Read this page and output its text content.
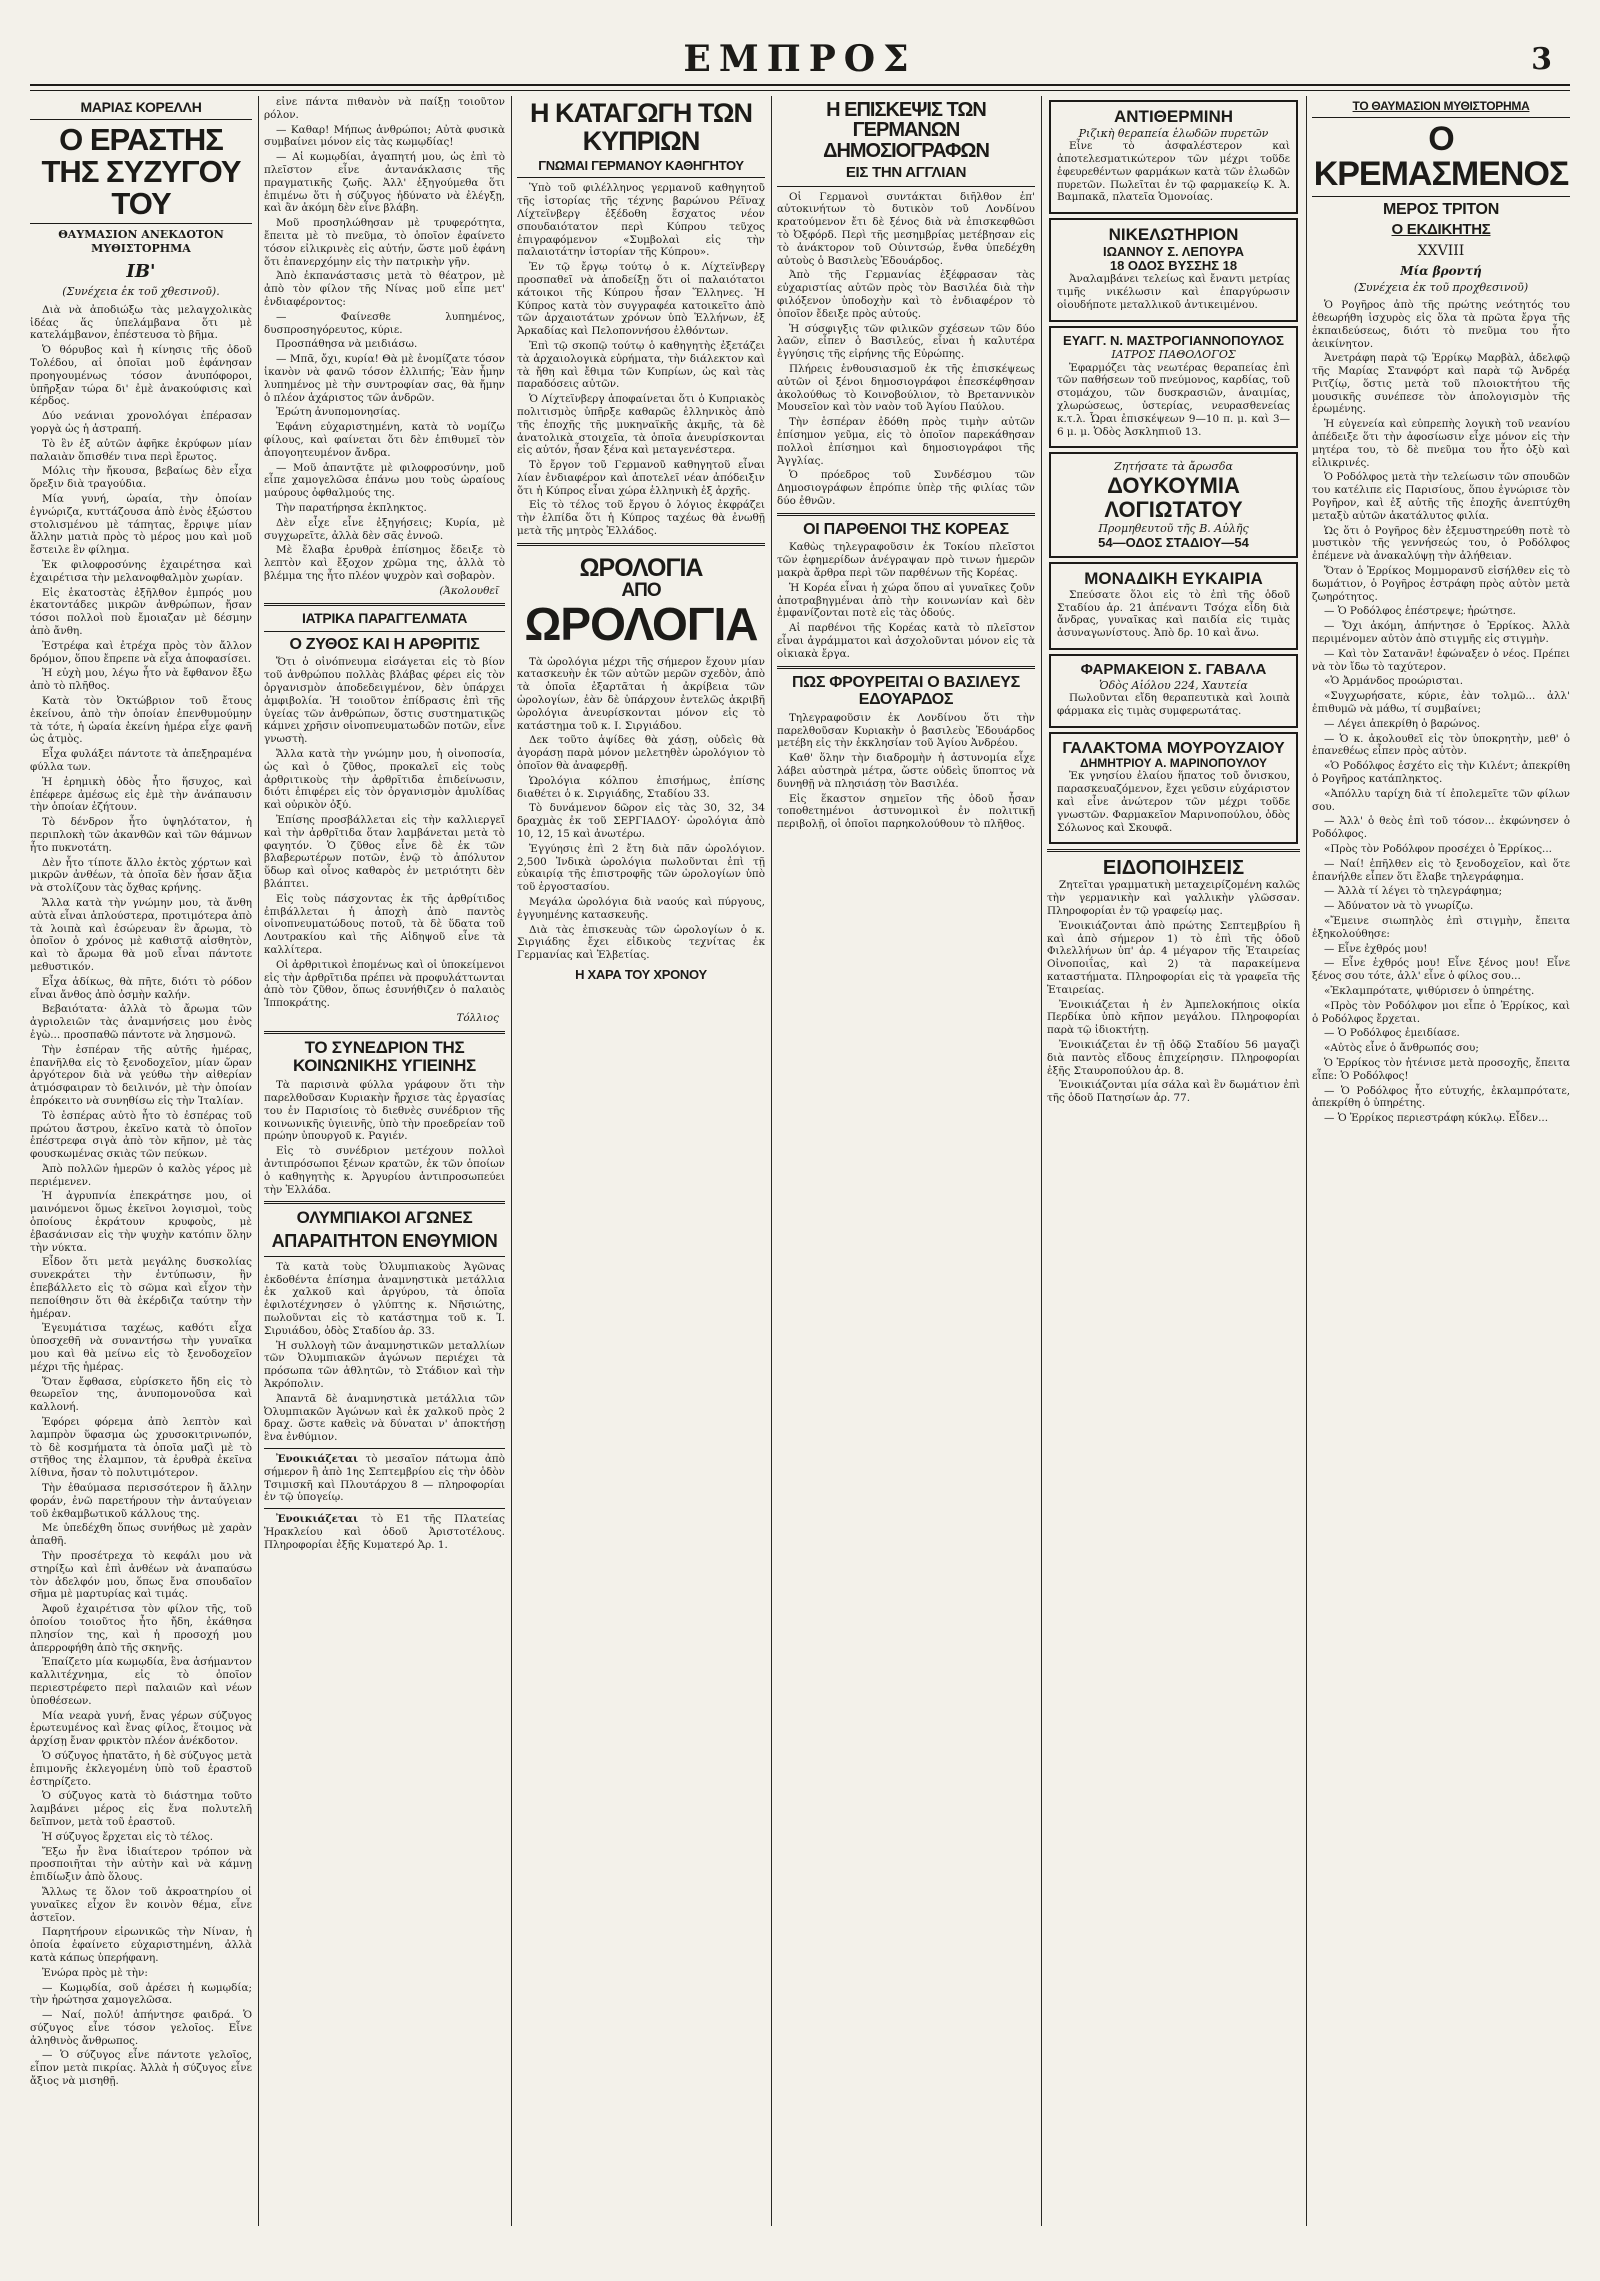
ΕΜΠΡΟΣ	3
ΜΑΡΙΑΣ ΚΟΡΕΛΛΗ
Ο ΕΡΑΣΤΗΣ ΤΗΣ ΣΥΖΥΓΟΥ ΤΟΥ
ΘΑΥΜΑΣΙΟΝ ΑΝΕΚΔΟΤΟΝ ΜΥΘΙΣΤΟΡΗΜΑ
ΙΒ'
(Συνέχεια ἐκ τοῦ χθεσινοῦ).

Διὰ νὰ ἀποδιώξω τὰς μελαγχολικὰς ἰδέας ἅς ὑπελάμβανα ὅτι μὲ κατελάμβανον, ἐπέστευσα τὸ βῆμα.

Ὁ θόρυβος καὶ ἡ κίνησις τῆς ὁδοῦ Τολέδου, αἱ ὁποῖαι μοῦ ἐφάνησαν προηγουμένως τόσον ἀνυπόφοροι, ὑπῆρξαν τώρα δι' ἐμὲ ἀνακούφισις καὶ κέρδος.

Δύο νεάνιαι χρονολόγαι ἐπέρασαν γοργὰ ὡς ἡ ἀστραπή.

Τὸ ἓν ἐξ αὐτῶν ἀφῆκε ἐκρύφων μίαν παλαιὰν ὅπισθέν τινα περὶ ἔρωτος.

Μόλις τὴν ἤκουσα, βεβαίως δὲν εἶχα ὅρεξιν διὰ τραγούδια.

Μία γυνή, ὡραία, τὴν ὁποίαν ἐγνώριζα, κυττάζουσα ἀπὸ ἑνὸς ἐξώστου στολισμένου μὲ τάπητας, ἔρριψε μίαν ἄλλην ματιὰ πρὸς τὸ μέρος μου καὶ μοῦ ἔστειλε ἓν φίλημα.

Ἐκ φιλοφροσύνης ἐχαιρέτησα καὶ ἐχαιρέτισα τὴν μελανοφθαλμὸν χωρίαν.

Εἰς ἑκατοστὰς ἐξῆλθον ἐμπρός μου ἑκατοντάδες μικρῶν ἀνθρώπων, ἤσαν τόσοι πολλοὶ ποὺ ἔμοιαζαν μὲ δέσμην ἀπὸ ἄνθη.

Ἐστρέφα καὶ ἐτρέχα πρὸς τὸν ἄλλον δρόμον, ὅπου ἔπρεπε νὰ εἶχα ἀποφασίσει.

Ἡ εὐχὴ μου, λέγω ἦτο νὰ ἔφθανον ἔξω ἀπὸ τὸ πλῆθος.

Κατὰ τὸν Ὀκτώβριον τοῦ ἔτους ἐκείνου, ἀπὸ τὴν ὁποίαν ἐπενθυμούμην τὰ τότε, ἡ ὡραία ἐκείνη ἡμέρα εἶχε φανῆ ὡς ἀτμὸς.

Εἶχα φυλάξει πάντοτε τὰ ἀπεξηραμένα φύλλα των.

Ἡ ἐρημικὴ ὁδὸς ἦτο ἥσυχος, καὶ ἐπέφερε ἀμέσως εἰς ἐμὲ τὴν ἀνάπαυσιν τὴν ὁποίαν ἐζήτουν.

Τὸ δένδρον ἦτο ὑψηλότατον, ἡ περιπλοκὴ τῶν ἀκανθῶν καὶ τῶν θάμνων ἦτο πυκνοτάτη.

Δὲν ἦτο τίποτε ἄλλο ἐκτὸς χόρτων καὶ μικρῶν ἀνθέων, τὰ ὁποῖα δὲν ἦσαν ἄξια νὰ στολίζουν τὰς ὄχθας κρήνης.

Ἄλλα κατὰ τὴν γνώμην μου, τὰ ἄνθη αὐτὰ εἶναι ἁπλούστερα, προτιμότερα ἀπὸ τὰ λοιπὰ καὶ ἐσώρευαν ἓν ἄρωμα, τὸ ὁποῖον ὁ χρόνος μὲ καθιστᾷ αἰσθητὸν, καὶ τὸ ἄρωμα θὰ μοῦ εἶναι πάντοτε μεθυστικόν.

Εἶχα ἀδίκως, θὰ πῆτε, διότι τὸ ρόδον εἶναι ἄνθος ἀπὸ ὀσμὴν καλήν.

Βεβαιότατα· ἀλλὰ τὸ ἄρωμα τῶν ἀγριολειῶν τὰς ἀναμνήσεις μου ἐνὸς ἐγὼ... προσπαθῶ πάντοτε νὰ λησμονῶ.

Τὴν ἐσπέραν τῆς αὐτῆς ἡμέρας, ἐπανῆλθα εἰς τὸ ξενοδοχεῖον, μίαν ὥραν ἀργότερον διὰ νὰ γεύθω τὴν αἰθερίαν ἀτμόσφαιραν τὸ δειλινόν, μὲ τὴν ὁποίαν ἐπρόκειτο νὰ συνηθίσω εἰς τὴν Ἰταλίαν.

Τὸ ἑσπέρας αὐτὸ ἦτο τὸ ἐσπέρας τοῦ πρώτου ἄστρου, ἐκεῖνο κατὰ τὸ ὁποῖον ἐπέστρεφα σιγὰ ἀπὸ τὸν κῆπον, μὲ τὰς φουσκωμένας σκιὰς τῶν πεύκων.

Ἀπὸ πολλῶν ἡμερῶν ὁ καλὸς γέρος μὲ περιέμενεν.

Ἡ ἀγρυπνία ἐπεκράτησε μου, οἱ μαινόμενοι ὅμως ἐκεῖνοι λογισμοὶ, τοὺς ὁποίους ἐκράτουν κρυφοὺς, μὲ ἐβασάνισαν εἰς τὴν ψυχὴν κατόπιν ὅλην τὴν νύκτα.

Εἶδον ὅτι μετὰ μεγάλης δυσκολίας συνεκράτει τὴν ἐντύπωσιν, ἢν ἐπεβάλλετο εἰς τὸ σῶμα καὶ εἶχον τὴν πεποίθησιν ὅτι θὰ ἐκέρδιζα ταύτην τὴν ἡμέραν.

Ἐγευμάτισα ταχέως, καθότι εἶχα ὑποσχεθῆ νὰ συναντήσω τὴν γυναῖκα μου καὶ θὰ μείνω εἰς τὸ ξενοδοχεῖον μέχρι τῆς ἡμέρας.

Ὅταν ἔφθασα, εὑρίσκετο ἤδη εἰς τὸ θεωρεῖον της, ἀνυπομονοῦσα καὶ καλλονή.

Ἐφόρει φόρεμα ἀπὸ λεπτὸν καὶ λαμπρὸν ὕφασμα ὡς χρυσοκιτρινωπόν, τὸ δὲ κοσμήματα τὰ ὁποῖα μαζὶ μὲ τὸ στῆθος της ἐλαμπον, τὰ ἐρυθρὰ ἐκεῖνα λίθινα, ἤσαν τὸ πολυτιμότερον.

Τὴν ἐθαύμασα περισσότερον ἢ ἄλλην φοράν, ἐνῶ παρετήρουν τὴν ἀνταύγειαν τοῦ ἐκθαμβωτικοῦ κάλλους της.

Με ὑπεδέχθη ὅπως συνήθως μὲ χαρὰν ἀπαθῆ.

Τὴν προσέτρεχα τὸ κεφάλι μου νὰ στηρίξω καὶ ἐπὶ ἀνθέων νὰ ἀναπαύσω τὸν ἀδελφόν μου, ὅπως ἔνα σπουδαῖον σῆμα μὲ μαρτυρίας καὶ τιμάς.

Ἀφοῦ ἐχαιρέτισα τὸν φίλον τῆς, τοῦ ὁποίου τοιοῦτος ἦτο ἤδη, ἐκάθησα πλησίον της, καὶ ἡ προσοχή μου ἀπερροφήθη ἀπὸ τῆς σκηνῆς.

Ἐπαίζετο μία κωμῳδία, ἓνα ἀσήμαντον καλλιτέχνημα, εἰς τὸ ὁποῖον περιεστρέφετο περὶ παλαιῶν καὶ νέων ὑποθέσεων.

Μία νεαρὰ γυνή, ἔνας γέρων σύζυγος ἐρωτευμένος καὶ ἔνας φίλος, ἕτοιμος νὰ ἀρχίσῃ ἔναν φρικτὸν πλέον ἀνέκδοτον.

Ὁ σύζυγος ἠπατᾶτο, ἡ δὲ σύζυγος μετὰ ἐπιμονῆς ἐκλεγομένη ὑπὸ τοῦ ἐραστοῦ ἐστηρίζετο.

Ὁ σύζυγος κατὰ τὸ διάστημα τοῦτο λαμβάνει μέρος εἰς ἕνα πολυτελῆ δεῖπνον, μετὰ τοῦ ἐραστοῦ.

Ἡ σύζυγος ἔρχεται εἰς τὸ τέλος.

Ἔξω ἦν ἓνα ἰδιαίτερον τρόπον νὰ προσποιῆται τὴν αὐτὴν καὶ νὰ κάμνῃ ἐπιδίωξιν ἀπὸ ὅλους.

Ἄλλως τε ὅλον τοῦ ἀκροατηρίου οἱ γυναῖκες εἶχον ἓν κοινὸν θέμα, εἶνε ἀστεῖον.

Παρητήρουν εἰρωνικῶς τὴν Νίναν, ἡ ὁποία ἐφαίνετο εὐχαριστημένη, ἀλλὰ κατὰ κάπως ὑπερήφανη.

Ἐνώρα πρὸς μὲ τὴν:

— Κωμῳδία, σοῦ ἀρέσει ἡ κωμῳδία; τὴν ἠρώτησα χαμογελῶσα.

— Ναί, πολύ! ἀπήντησε φαιδρά. Ὁ σύζυγος εἶνε τόσον γελοῖος. Εἶνε ἀληθινὸς ἄνθρωπος.

— Ὁ σύζυγος εἶνε πάντοτε γελοῖος, εἶπον μετὰ πικρίας. Ἀλλὰ ἡ σύζυγος εἶνε ἄξιος νὰ μισηθῇ.

εἶνε πάντα πιθανὸν νὰ παίξῃ τοιοῦτον ρόλον.

— Καθαρ! Μήπως ἀνθρώποι; Αὐτὰ φυσικὰ συμβαίνει μόνον εἰς τὰς κωμῳδίας!

— Αἱ κωμῳδίαι, ἀγαπητή μου, ὡς ἐπὶ τὸ πλεῖστον εἶνε ἀντανάκλασις τῆς πραγματικῆς ζωῆς. Ἀλλ' ἐξηγούμεθα ὅτι ἐπιμένω ὅτι ἡ σύζυγος ἠδύνατο νὰ ἐλέγξῃ, καὶ ἂν ἀκόμη δὲν εἶνε βλάβη.

Μοῦ προσηλώθησαν μὲ τρυφερότητα, ἔπειτα μὲ τὸ πνεῦμα, τὸ ὁποῖον ἐφαίνετο τόσον εἰλικρινὲς εἰς αὐτήν, ὥστε μοῦ ἐφάνη ὅτι ἐπανερχόμην εἰς τὴν πατρικὴν γῆν.

Ἀπὸ ἐκπανάστασις μετὰ τὸ θέατρον, μὲ ἀπὸ τὸν φίλον τῆς Νίνας μοῦ εἶπε μετ' ἐνδιαφέροντος:

— Φαίνεσθε λυπημένος, δυσπροσηγόρευτος, κύριε.

Προσπάθησα νὰ μειδιάσω.

— Μπᾶ, ὄχι, κυρία! Θὰ μὲ ἐνομίζατε τόσον ἱκανὸν νὰ φανῶ τόσον ἐλλιπής; Ἐὰν ἦμην λυπημένος μὲ τὴν συντροφίαν σας, θὰ ἤμην ὁ πλέον ἀχάριστος τῶν ἀνδρῶν.

Ἐρώτη ἀνυπομονησίας.

Ἐφάνη εὐχαριστημένη, κατὰ τὸ νομίζω φίλους, καὶ φαίνεται ὅτι δὲν ἐπιθυμεῖ τὸν ἀπογοητευμένον ἄνδρα.

— Μοῦ ἀπαντᾷτε μὲ φιλοφροσύνην, μοῦ εἶπε χαμογελῶσα ἐπάνω μου τοὺς ὡραίους μαύρους ὀφθαλμούς της.

Τὴν παρατήρησα ἐκπληκτος.

Δὲν εἶχε εἶνε ἐξηγήσεις; Κυρία, μὲ συγχωρεῖτε, ἀλλὰ δὲν σᾶς ἐννοῶ.

Μὲ ἔλαβα ἐρυθρὰ ἐπίσημος ἔδειξε τὸ λεπτὸν καὶ ἔξοχον χρῶμα της, ἀλλὰ τὸ βλέμμα της ἦτο πλέον ψυχρὸν καὶ σοβαρὸν.

(Ἀκολουθεῖ
ΙΑΤΡΙΚΑ ΠΑΡΑΓΓΕΛΜΑΤΑ
Ο ΖΥΘΟΣ ΚΑΙ Η ΑΡΘΡΙΤΙΣ

Ὅτι ὁ οἰνόπνευμα εἰσάγεται εἰς τὸ βίον τοῦ ἀνθρώπου πολλὰς βλάβας φέρει εἰς τὸν ὀργανισμὸν ἀποδεδειγμένον, δὲν ὑπάρχει ἀμφιβολία. Ἡ τοιοῦτον ἐπίδρασις ἐπὶ τῆς ὑγείας τῶν ἀνθρώπων, ὅστις συστηματικῶς κάμνει χρῆσιν οἰνοπνευματωδῶν ποτῶν, εἶνε γνωστὴ.

Ἄλλα κατὰ τὴν γνώμην μου, ἡ οἰνοποσία, ὡς καὶ ὁ ζῦθος, προκαλεῖ εἰς τοὺς ἀρθριτικοὺς τὴν ἀρθρῖτιδα ἐπιδείνωσιν, διότι ἐπιφέρει εἰς τὸν ὀργανισμὸν ἀμυλίδας καὶ οὐρικὸν ὀξύ.

Ἐπίσης προσβάλλεται εἰς τὴν καλλιεργεῖ καὶ τὴν ἀρθρῖτιδα ὅταν λαμβάνεται μετὰ τὸ φαγητόν. Ὁ ζῦθος εἶνε δὲ ἐκ τῶν βλαβερωτέρων ποτῶν, ἐνῷ τὸ ἀπόλυτον ὕδωρ καὶ οἶνος καθαρὸς ἐν μετριότητι δὲν βλάπτει.

Εἰς τοὺς πάσχοντας ἐκ τῆς ἀρθρίτιδος ἐπιβάλλεται ἡ ἀποχὴ ἀπὸ παντὸς οἰνοπνευματώδους ποτοῦ, τὰ δὲ ὕδατα τοῦ Λουτρακίου καὶ τῆς Αἰδηψοῦ εἶνε τὰ καλλίτερα.

Οἱ ἀρθριτικοὶ ἐπομένως καὶ οἱ ὑποκείμενοι εἰς τὴν ἀρθρῖτιδα πρέπει νὰ προφυλάττωνται ἀπὸ τὸν ζῦθον, ὅπως ἐσυνήθιζεν ὁ παλαιὸς Ἱπποκράτης.

Τόλλιος
ΤΟ ΣΥΝΕΔΡΙΟΝ ΤΗΣ ΚΟΙΝΩΝΙΚΗΣ ΥΓΙΕΙΝΗΣ

Τὰ παρισινὰ φύλλα γράφουν ὅτι τὴν παρελθοῦσαν Κυριακὴν ἤρχισε τὰς ἐργασίας του ἐν Παρισίοις τὸ διεθνὲς συνέδριον τῆς κοινωνικῆς ὑγιεινῆς, ὑπὸ τὴν προεδρείαν τοῦ πρώην ὑπουργοῦ κ. Ραγιέν.

Εἰς τὸ συνέδριον μετέχουν πολλοὶ ἀντιπρόσωποι ξένων κρατῶν, ἐκ τῶν ὁποίων ὁ καθηγητὴς κ. Ἀργυρίου ἀντιπροσωπεύει τὴν Ἑλλάδα.

ΟΛΥΜΠΙΑΚΟΙ ΑΓΩΝΕΣ
ΑΠΑΡΑΙΤΗΤΟΝ ΕΝΘΥΜΙΟΝ

Τὰ κατὰ τοὺς Ὀλυμπιακοὺς Ἀγῶνας ἐκδοθέντα ἐπίσημα ἀναμνηστικὰ μετάλλια ἐκ χαλκοῦ καὶ ἀργύρου, τὰ ὁποῖα ἐφιλοτέχνησεν ὁ γλύπτης κ. Νῆσιώτης, πωλοῦνται εἰς τὸ κατάστημα τοῦ κ. Ἰ. Σιρυιάδου, ὁδὸς Σταδίου ἀρ. 33.

Ἡ συλλογὴ τῶν ἀναμνηστικῶν μεταλλίων τῶν Ὀλυμπιακῶν ἀγώνων περιέχει τὰ πρόσωπα τῶν ἀθλητῶν, τὸ Στάδιον καὶ τὴν Ἀκρόπολιν.

Ἀπαντᾶ δὲ ἀναμνηστικὰ μετάλλια τῶν Ὀλυμπιακῶν Ἀγώνων καὶ ἐκ χαλκοῦ πρὸς 2 δραχ. ὥστε καθεὶς νὰ δύναται ν' ἀποκτήσῃ ἓνα ἐνθύμιον.

Ἐνοικιάζεται τὸ μεσαῖον πάτωμα ἀπὸ σήμερον ἢ ἀπὸ 1ης Σεπτεμβρίου εἰς τὴν ὁδὸν Τσιμισκῆ καὶ Πλουτάρχου 8 — πληροφορίαι ἐν τῷ ὑπογείῳ.

Ἐνοικιάζεται τὸ Ε1 τῆς Πλατείας Ἡρακλείου καὶ ὁδοῦ Ἀριστοτέλους. Πληροφορίαι ἐξῆς Κυματερό Ἀρ. 1.

Η ΚΑΤΑΓΩΓΗ ΤΩΝ ΚΥΠΡΙΩΝ
ΓΝΩΜΑΙ ΓΕΡΜΑΝΟΥ ΚΑΘΗΓΗΤΟΥ

Ὑπὸ τοῦ φιλέλληνος γερμανοῦ καθηγητοῦ τῆς ἱστορίας τῆς τέχνης βαρώνου Ρέϊναχ Λίχτεϊνβεργ ἐξέδοθη ἔσχατος νέον σπουδαιότατον περὶ Κύπρου τεῦχος ἐπιγραφόμενον «Συμβολαὶ εἰς τὴν παλαιοτάτην ἱστορίαν τῆς Κύπρου».

Ἐν τῷ ἔργῳ τούτῳ ὁ κ. Λίχτεϊνβεργ προσπαθεῖ νὰ ἀποδείξῃ ὅτι οἱ παλαιότατοι κάτοικοι τῆς Κύπρου ἦσαν Ἕλληνες. Ἡ Κύπρος κατὰ τὸν συγγραφέα κατοικεῖτο ἀπὸ τῶν ἀρχαιοτάτων χρόνων ὑπὸ Ἑλλήνων, ἐξ Ἀρκαδίας καὶ Πελοποννήσου ἐλθόντων.

Ἐπὶ τῷ σκοπῷ τούτῳ ὁ καθηγητὴς ἐξετάζει τὰ ἀρχαιολογικὰ εὑρήματα, τὴν διάλεκτον καὶ τὰ ἤθη καὶ ἔθιμα τῶν Κυπρίων, ὡς καὶ τὰς παραδόσεις αὐτῶν.

Ὁ Λίχτεϊνβεργ ἀποφαίνεται ὅτι ὁ Κυπριακὸς πολιτισμὸς ὑπῆρξε καθαρῶς ἑλληνικὸς ἀπὸ τῆς ἐποχῆς τῆς μυκηναϊκῆς ἀκμῆς, τὰ δὲ ἀνατολικὰ στοιχεῖα, τὰ ὁποῖα ἀνευρίσκονται εἰς αὐτόν, ἦσαν ξένα καὶ μεταγενέστερα.

Τὸ ἔργον τοῦ Γερμανοῦ καθηγητοῦ εἶναι λίαν ἐνδιαφέρον καὶ ἀποτελεῖ νέαν ἀπόδειξιν ὅτι ἡ Κύπρος εἶναι χώρα ἑλληνικὴ ἐξ ἀρχῆς.

Εἰς τὸ τέλος τοῦ ἔργου ὁ λόγιος ἐκφράζει τὴν ἐλπίδα ὅτι ἡ Κύπρος ταχέως θὰ ἐνωθῇ μετὰ τῆς μητρὸς Ἑλλάδος.

ΩΡΟΛΟΓΙΑ
ΑΠΟ
ΩΡΟΛΟΓΙΑ

Τὰ ὡρολόγια μέχρι τῆς σήμερον ἔχουν μίαν κατασκευὴν ἐκ τῶν αὐτῶν μερῶν σχεδὸν, ἀπὸ τὰ ὁποῖα ἐξαρτᾶται ἡ ἀκρίβεια τῶν ὡρολογίων, ἐὰν δὲ ὑπάρχουν ἐντελῶς ἀκριβῆ ὡρολόγια ἀνευρίσκονται μόνον εἰς τὸ κατάστημα τοῦ κ. Ι. Σιργιάδου.

Δεκ τοῦτο ἀψίδες θὰ χάσῃ, οὐδεὶς θὰ ἀγοράσῃ παρὰ μόνον μελετηθὲν ὡρολόγιον τὸ ὁποῖον θὰ ἀναφερθῇ.

Ὡρολόγια κόλπου ἐπισήμως, ἐπίσης διαθέτει ὁ κ. Σιργιάδης, Σταδίου 33.

Τὸ δυνάμενον δῶρον εἰς τὰς 30, 32, 34 δραχμὰς ἐκ τοῦ ΣΕΡΓΙΑΔΟΥ· ὡρολόγια ἀπὸ 10, 12, 15 καὶ ἀνωτέρω.

Ἐγγύησις ἐπὶ 2 ἔτη διὰ πᾶν ὡρολόγιον. 2,500 Ἰνδικὰ ὡρολόγια πωλοῦνται ἐπὶ τῇ εὐκαιρίᾳ τῆς ἐπιστροφῆς τῶν ὡρολογίων ὑπὸ τοῦ ἐργοστασίου.

Μεγάλα ὡρολόγια διὰ ναούς καὶ πύργους, ἐγγυημένης κατασκευῆς.

Διὰ τὰς ἐπισκευὰς τῶν ὡρολογίων ὁ κ. Σιργιάδης ἔχει εἰδικοὺς τεχνίτας ἐκ Γερμανίας καὶ Ἑλβετίας.

Η ΧΑΡΑ ΤΟΥ ΧΡΟΝΟΥ
Η ΕΠΙΣΚΕΨΙΣ ΤΩΝ ΓΕΡΜΑΝΩΝ ΔΗΜΟΣΙΟΓΡΑΦΩΝ
ΕΙΣ ΤΗΝ ΑΓΓΛΙΑΝ

Οἱ Γερμανοὶ συντάκται διῆλθον ἐπ' αὐτοκινήτων τὸ δυτικὸν τοῦ Λονδίνου κρατούμενον ἔτι δὲ ξένος διὰ νὰ ἐπισκεφθῶσι τὸ Ὀξφόρδ. Περὶ τῆς μεσημβρίας μετέβησαν εἰς τὸ ἀνάκτορον τοῦ Οὐιντσώρ, ἔνθα ὑπεδέχθη αὐτοὺς ὁ Βασιλεὺς Ἐδουάρδος.

Ἀπὸ τῆς Γερμανίας ἐξέφρασαν τὰς εὐχαριστίας αὐτῶν πρὸς τὸν Βασιλέα διὰ τὴν φιλόξενον ὑποδοχὴν καὶ τὸ ἐνδιαφέρον τὸ ὁποῖον ἔδειξε πρὸς αὐτούς.

Ἡ σύσφιγξις τῶν φιλικῶν σχέσεων τῶν δύο λαῶν, εἶπεν ὁ Βασιλεύς, εἶναι ἡ καλυτέρα ἐγγύησις τῆς εἰρήνης τῆς Εὐρώπης.

Πλήρεις ἐνθουσιασμοῦ ἐκ τῆς ἐπισκέψεως αὐτῶν οἱ ξένοι δημοσιογράφοι ἐπεσκέφθησαν ἀκολούθως τὸ Κοινοβούλιον, τὸ Βρεταννικὸν Μουσεῖον καὶ τὸν ναὸν τοῦ Ἁγίου Παύλου.

Τὴν ἑσπέραν ἐδόθη πρὸς τιμὴν αὐτῶν ἐπίσημον γεῦμα, εἰς τὸ ὁποῖον παρεκάθησαν πολλοὶ ἐπίσημοι καὶ δημοσιογράφοι τῆς Ἀγγλίας.

Ὁ πρόεδρος τοῦ Συνδέσμου τῶν Δημοσιογράφων ἐπρόπιε ὑπὲρ τῆς φιλίας τῶν δύο ἐθνῶν.

ΟΙ ΠΑΡΘΕΝΟΙ ΤΗΣ ΚΟΡΕΑΣ

Καθὼς τηλεγραφοῦσιν ἐκ Τοκίου πλεῖστοι τῶν ἐφημερίδων ἀνέγραψαν πρὸ τινων ἡμερῶν μακρὰ ἄρθρα περὶ τῶν παρθένων τῆς Κορέας.

Ἡ Κορέα εἶναι ἡ χώρα ὅπου αἱ γυναῖκες ζοῦν ἀποτραβηγμέναι ἀπὸ τὴν κοινωνίαν καὶ δὲν ἐμφανίζονται ποτὲ εἰς τὰς ὁδούς.

Αἱ παρθένοι τῆς Κορέας κατὰ τὸ πλεῖστον εἶναι ἀγράμματοι καὶ ἀσχολοῦνται μόνον εἰς τὰ οἰκιακὰ ἔργα.

ΠΩΣ ΦΡΟΥΡΕΙΤΑΙ Ο ΒΑΣΙΛΕΥΣ ΕΔΟΥΑΡΔΟΣ

Τηλεγραφοῦσιν ἐκ Λονδίνου ὅτι τὴν παρελθοῦσαν Κυριακὴν ὁ βασιλεὺς Ἐδουάρδος μετέβη εἰς τὴν ἐκκλησίαν τοῦ Ἁγίου Ἀνδρέου.

Καθ' ὅλην τὴν διαδρομὴν ἡ ἀστυνομία εἶχε λάβει αὐστηρὰ μέτρα, ὥστε οὐδεὶς ὕποπτος νὰ δυνηθῇ νὰ πλησιάσῃ τὸν Βασιλέα.

Εἰς ἕκαστον σημεῖον τῆς ὁδοῦ ἦσαν τοποθετημένοι ἀστυνομικοὶ ἐν πολιτικῇ περιβολῇ, οἱ ὁποῖοι παρηκολούθουν τὸ πλῆθος.

ΑΝΤΙΘΕΡΜΙΝΗ
Ριζικὴ θεραπεία ἑλωδῶν πυρετῶν

Εἶνε τὸ ἀσφαλέστερον καὶ ἀποτελεσματικώτερον τῶν μέχρι τοῦδε ἐφευρεθέντων φαρμάκων κατὰ τῶν ἑλωδῶν πυρετῶν. Πωλεῖται ἐν τῷ φαρμακείῳ Κ. Ἀ. Βαμπακᾶ, πλατεῖα Ὁμονοίας.

ΝΙΚΕΛΩΤΗΡΙΟΝ
ΙΩΑΝΝΟΥ Σ. ΛΕΠΟΥΡΑ
18 ΟΔΟΣ ΒΥΣΣΗΣ 18

Ἀναλαμβάνει τελείως καὶ ἔναντι μετρίας τιμῆς νικέλωσιν καὶ ἐπαργύρωσιν οἱουδήποτε μεταλλικοῦ ἀντικειμένου.

ΕΥΑΓΓ. Ν. ΜΑΣΤΡΟΓΙΑΝΝΟΠΟΥΛΟΣ
ΙΑΤΡΟΣ ΠΑΘΟΛΟΓΟΣ

Ἐφαρμόζει τὰς νεωτέρας θεραπείας ἐπὶ τῶν παθήσεων τοῦ πνεύμονος, καρδίας, τοῦ στομάχου, τῶν δυσκρασιῶν, ἀναιμίας, χλωρώσεως, ὑστερίας, νευρασθενείας κ.τ.λ. Ὧραι ἐπισκέψεων 9—10 π. μ. καὶ 3—6 μ. μ. Ὁδὸς Ἀσκληπιοῦ 13.

Ζητήσατε τὰ ἄρωσδα
ΔΟΥΚΟΥΜΙΑ ΛΟΓΙΩΤΑΤΟΥ
Προμηθευτοῦ τῆς Β. Αὐλῆς
54—ΟΔΟΣ ΣΤΑΔΙΟΥ—54
ΜΟΝΑΔΙΚΗ ΕΥΚΑΙΡΙΑ

Σπεύσατε ὅλοι εἰς τὸ ἐπὶ τῆς ὁδοῦ Σταδίου ἀρ. 21 ἀπέναντι Τσόχα εἶδη διὰ ἄνδρας, γυναῖκας καὶ παιδία εἰς τιμὰς ἀσυναγωνίστους. Ἀπὸ δρ. 10 καὶ ἄνω.

ΦΑΡΜΑΚΕΙΟΝ Σ. ΓΑΒΑΛΑ
Ὁδὸς Αἰόλου 224, Χαυτεία

Πωλοῦνται εἴδη θεραπευτικὰ καὶ λοιπὰ φάρμακα εἰς τιμὰς συμφερωτάτας.

ΓΑΛΑΚΤΟΜΑ ΜΟΥΡΟΥΖΑΙΟΥ
ΔΗΜΗΤΡΙΟΥ Α. ΜΑΡΙΝΟΠΟΥΛΟΥ

Ἐκ γνησίου ἐλαίου ἥπατος τοῦ ὄνισκου, παρασκευαζόμενον, ἔχει γεῦσιν εὐχάριστον καὶ εἶνε ἀνώτερον τῶν μέχρι τοῦδε γνωστῶν. Φαρμακεῖον Μαρινοπούλου, ὁδὸς Σόλωνος καὶ Σκουφᾶ.

ΕΙΔΟΠΟΙΗΣΕΙΣ

Ζητεῖται γραμματικὴ μεταχειρίζομένη καλῶς τὴν γερμανικὴν καὶ γαλλικὴν γλῶσσαν. Πληροφορίαι ἐν τῷ γραφείῳ μας.

Ἐνοικιάζονται ἀπὸ πρώτης Σεπτεμβρίου ἢ καὶ ἀπὸ σήμερον 1) τὸ ἐπὶ τῆς ὁδοῦ Φιλελλήνων ὑπ' ἀρ. 4 μέγαρον τῆς Ἑταιρείας Οἰνοποιΐας, καὶ 2) τὰ παρακείμενα καταστήματα. Πληροφορίαι εἰς τὰ γραφεῖα τῆς Ἑταιρείας.

Ἐνοικιάζεται ἡ ἐν Ἀμπελοκήποις οἰκία Περδίκα ὑπὸ κῆπον μεγάλου. Πληροφορίαι παρὰ τῷ ἰδιοκτήτῃ.

Ἐνοικιάζεται ἐν τῇ ὁδῷ Σταδίου 56 μαγαζὶ διὰ παντὸς εἴδους ἐπιχείρησιν. Πληροφορίαι ἐξῆς Σταυροπούλου ἀρ. 8.

Ἐνοικιάζονται μία σάλα καὶ ἓν δωμάτιον ἐπὶ τῆς ὁδοῦ Πατησίων ἀρ. 77.

ΤΟ ΘΑΥΜΑΣΙΟΝ ΜΥΘΙΣΤΟΡΗΜΑ
Ο ΚΡΕΜΑΣΜΕΝΟΣ
ΜΕΡΟΣ ΤΡΙΤΟΝ
Ο ΕΚΔΙΚΗΤΗΣ
XXVIII
Μία βροντή
(Συνέχεια ἐκ τοῦ προχθεσινοῦ)

Ὁ Ρογῆρος ἀπὸ τῆς πρώτης νεότητός του ἐθεωρήθη ἰσχυρὸς εἰς ὅλα τὰ πρῶτα ἔργα τῆς ἐκπαιδεύσεως, διότι τὸ πνεῦμα του ἦτο ἀεικίνητον.

Ἀνετράφη παρὰ τῷ Ἐρρίκῳ Μαρβὰλ, ἀδελφῷ τῆς Μαρίας Στανφόρτ καὶ παρὰ τῷ Ἀνδρέᾳ Ριτζίῳ, ὅστις μετὰ τοῦ πλοιοκτήτου τῆς μουσικῆς συνέπεσε τὸν ἀπολογισμὸν τῆς ἐρωμένης.

Ἡ εὐγενεία καὶ εὐπρεπὴς λογικὴ τοῦ νεανίου ἀπέδειξε ὅτι τὴν ἀφοσίωσιν εἶχε μόνον εἰς τὴν μητέρα του, τὸ δὲ πνεῦμα του ἦτο ὀξὺ καὶ εἰλικρινές.

Ὁ Ροδόλφος μετὰ τὴν τελείωσιν τῶν σπουδῶν του κατέλιπε εἰς Παρισίους, ὅπου ἐγνώρισε τὸν Ρογῆρον, καὶ ἐξ αὐτῆς τῆς ἐποχῆς ἀνεπτύχθη μεταξὺ αὐτῶν ἀκατάλυτος φιλία.

Ὡς ὅτι ὁ Ρογῆρος δὲν ἐξεμυστηρεύθη ποτὲ τὸ μυστικὸν τῆς γεννήσεώς του, ὁ Ροδόλφος ἐπέμενε νὰ ἀνακαλύψῃ τὴν ἀλήθειαν.

Ὅταν ὁ Ἐρρίκος Μομμορανσῦ εἰσήλθεν εἰς τὸ δωμάτιον, ὁ Ρογῆρος ἐστράφη πρὸς αὐτὸν μετὰ ζωηρότητος.

— Ὁ Ροδόλφος ἐπέστρεψε; ἠρώτησε.

— Ὄχι ἀκόμη, ἀπήντησε ὁ Ἐρρίκος. Ἀλλὰ περιμένομεν αὐτὸν ἀπὸ στιγμῆς εἰς στιγμὴν.

— Καὶ τὸν Σατανᾶν! ἐφώναξεν ὁ νέος. Πρέπει νὰ τὸν ἴδω τὸ ταχύτερον.

«Ὁ Ἀρμάνδος προώρισται.

«Συγχωρήσατε, κύριε, ἐὰν τολμῶ... ἀλλ' ἐπιθυμῶ νὰ μάθω, τί συμβαίνει;

— Λέγει ἀπεκρίθη ὁ βαρώνος.

— Ὁ κ. ἀκολουθεῖ εἰς τὸν ὑποκρητὴν, μεθ' ὁ ἐπανεθέως εἶπεν πρὸς αὐτὸν.

«Ὁ Ροδόλφος ἐσχέτο εἰς τὴν Κιλέντ; ἀπεκρίθη ὁ Ρογῆρος κατάπληκτος.

«Ἀπόλλυ ταρίχη διὰ τί ἐπολεμεῖτε τῶν φίλων σου.

— Ἀλλ' ὁ θεὸς ἐπὶ τοῦ τόσον... ἐκφώνησεν ὁ Ροδόλφος.

«Πρὸς τὸν Ροδόλφον προσέχει ὁ Ἐρρίκος...

— Ναί! ἐπῆλθεν εἰς τὸ ξενοδοχεῖον, καὶ ὅτε ἐπανήλθε εἶπεν ὅτι ἔλαβε τηλεγράφημα.

— Ἀλλὰ τί λέγει τὸ τηλεγράφημα;

— Ἀδύνατον νὰ τὸ γνωρίζω.

«Ἔμεινε σιωπηλὸς ἐπὶ στιγμὴν, ἔπειτα ἐξηκολούθησε:

— Εἶνε ἐχθρός μου!

— Εἶνε ἐχθρός μου! Εἶνε ξένος μου! Εἶνε ξένος σου τότε, ἀλλ' εἶνε ὁ φίλος σου...

«Ἐκλαμπρότατε, ψιθύρισεν ὁ ὑπηρέτης.

«Πρὸς τὸν Ροδόλφον μοι εἶπε ὁ Ἐρρίκος, καὶ ὁ Ροδόλφος ἔρχεται.

— Ὁ Ροδόλφος ἐμειδίασε.

«Αὐτὸς εἶνε ὁ ἄνθρωπός σου;

Ὁ Ἐρρίκος τὸν ἠτένισε μετὰ προσοχῆς, ἔπειτα εἶπε: Ὁ Ροδόλφος!

— Ὁ Ροδόλφος ἦτο εὐτυχής, ἐκλαμπρότατε, ἀπεκρίθη ὁ ὑπηρέτης.

— Ὁ Ἐρρίκος περιεστράφη κύκλῳ. Εἶδεν...
